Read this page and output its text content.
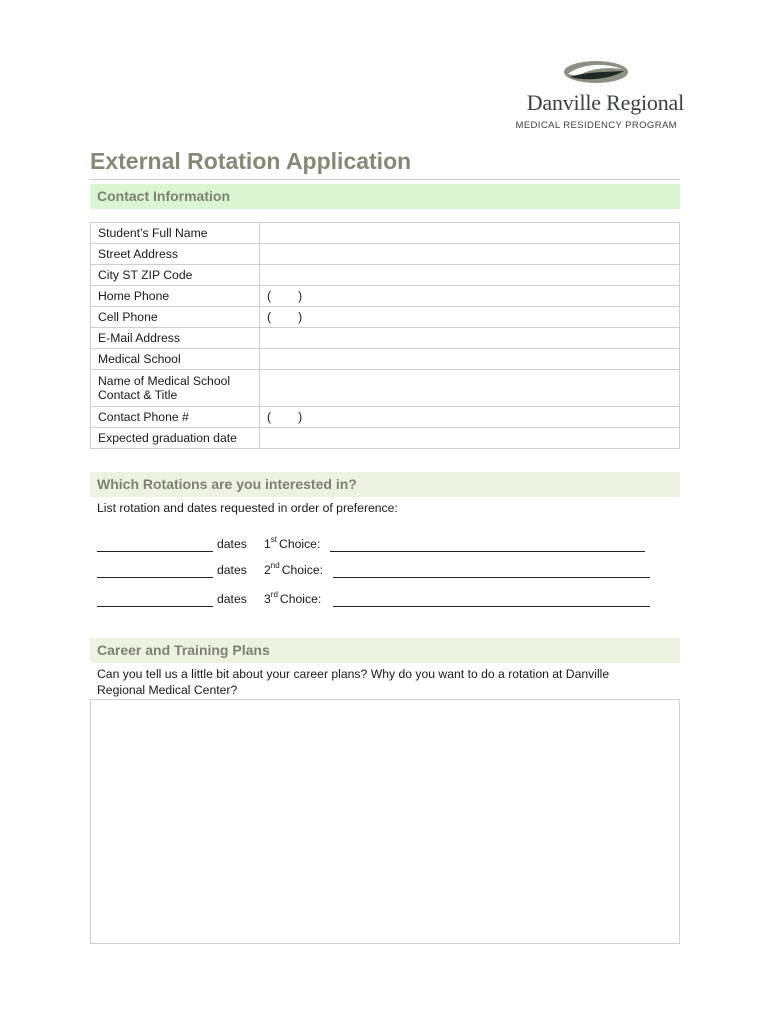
Danville Regional
MEDICAL RESIDENCY PROGRAM
External Rotation Application
Contact Information
Student’s Full Name	
Street Address	
City ST ZIP Code	
Home Phone	(        )
Cell Phone	(        )
E-Mail Address	
Medical School	
Name of Medical School Contact & Title	
Contact Phone #	(        )
Expected graduation date	
Which Rotations are you interested in?
List rotation and dates requested in order of preference:
dates 1st Choice:
dates 2nd Choice:
dates 3rd Choice:
Career and Training Plans
Can you tell us a little bit about your career plans? Why do you want to do a rotation at Danville Regional Medical Center?
